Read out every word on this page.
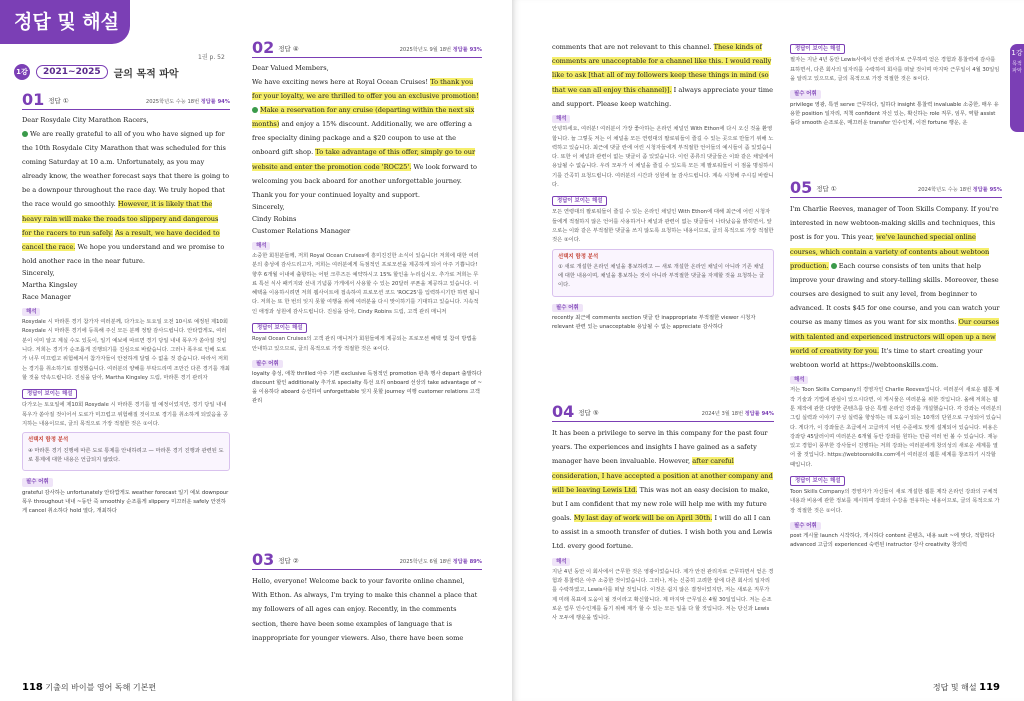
정답 및 해설
1권 p. 52
1강	2021~2025	글의 목적 파악
01 정답 ①	2025학년도 수능 18번 정답률 94%

Dear Rosydale City Marathon Racers,

We are really grateful to all of you who have signed up for the 10th Rosydale City Marathon that was scheduled for this coming Saturday at 10 a.m. Unfortunately, as you may already know, the weather forecast says that there is going to be a downpour throughout the race day. We truly hoped that the race would go smoothly. However, it is likely that the heavy rain will make the roads too slippery and dangerous for the racers to run safely. As a result, we have decided to cancel the race. We hope you understand and we promise to hold another race in the near future.

Sincerely,

Martha Kingsley

Race Manager

해석

Rosydale 시 마라톤 경기 참가자 여러분께, 다가오는 토요일 오전 10시로 예정된 제10회 Rosydale 시 마라톤 경기에 등록해 주신 모든 분께 정말 감사드립니다. 안타깝게도, 여러분이 이미 알고 계실 수도 있듯이, 일기 예보에 따르면 경기 당일 내내 폭우가 쏟아질 것입니다. 저희는 경기가 순조롭게 진행되기를 진심으로 바랐습니다. 그러나 폭우로 인해 도로가 너무 미끄럽고 위험해져서 참가자들이 안전하게 달릴 수 없을 것 같습니다. 따라서 저희는 경기를 취소하기로 결정했습니다. 여러분의 양해를 부탁드리며 조만간 다른 경기를 개최할 것을 약속드립니다. 진심을 담아, Martha Kingsley 드림, 마라톤 경기 관리자

정답이 보이는 해설

다가오는 토요일에 제10회 Rosydale 시 마라톤 경기를 열 예정이었지만, 경기 당일 내내 폭우가 쏟아질 것이어서 도로가 미끄럽고 위험해질 것이므로 경기를 취소하게 되었음을 공지하는 내용이므로, 글의 목적으로 가장 적절한 것은 ①이다.

선택지 함정 분석
④ 마라톤 경기 진행에 따른 도로 통제를 안내하려고 — 마라톤 경기 진행과 관련된 도로 통제에 대한 내용은 언급되지 않았다.
필수 어휘

grateful 감사하는 unfortunately 안타깝게도 weather forecast 일기 예보 downpour 폭우 throughout 내내 ~동안 죽 smoothly 순조롭게 slippery 미끄러운 safely 안전하게 cancel 취소하다 hold 열다, 개최하다

02 정답 ④	2025학년도 9월 18번 정답률 93%

Dear Valued Members,

We have exciting news here at Royal Ocean Cruises! To thank you for your loyalty, we are thrilled to offer you an exclusive promotion! Make a reservation for any cruise (departing within the next six months) and enjoy a 15% discount. Additionally, we are offering a free specialty dining package and a $20 coupon to use at the onboard gift shop. To take advantage of this offer, simply go to our website and enter the promotion code 'ROC25'. We look forward to welcoming you back aboard for another unforgettable journey. Thank you for your continued loyalty and support.

Sincerely,

Cindy Robins

Customer Relations Manager

해석

소중한 회원분들께, 저희 Royal Ocean Cruises에 흥미진진한 소식이 있습니다! 저희에 대한 여러분의 충성에 감사드리고자, 저희는 여러분에게 독점적인 프로모션을 제공하게 되어 아주 기쁩니다! 향후 6개월 이내에 출항하는 어떤 크루즈든 예약하시고 15% 할인을 누리십시오. 추가로 저희는 무료 특선 식사 패키지와 선내 기념품 가게에서 사용할 수 있는 20달러 쿠폰을 제공하고 있습니다. 이 혜택을 이용하시려면 저희 웹사이트에 접속하여 프로모션 코드 'ROC25'를 입력하시기만 하면 됩니다. 저희는 또 한 번의 잊지 못할 여행을 위해 여러분을 다시 맞이하기를 기대하고 있습니다. 지속적인 애정과 성원에 감사드립니다. 진심을 담아, Cindy Robins 드림, 고객 관리 매니저

정답이 보이는 해설

Royal Ocean Cruises의 고객 관리 매니저가 회원들에게 제공되는 프로모션 혜택 및 참여 방법을 안내하고 있으므로, 글의 목적으로 가장 적절한 것은 ④이다.

필수 어휘

loyalty 충성, 애착 thrilled 아주 기쁜 exclusive 독점적인 promotion 판촉 행사 depart 출발하다 discount 할인 additionally 추가로 specialty 특선 요리 onboard 선상의 take advantage of ~을 이용하다 aboard 승선하여 unforgettable 잊지 못할 journey 여행 customer relations 고객 관리

03 정답 ②	2025학년도 6월 18번 정답률 89%

Hello, everyone! Welcome back to your favorite online channel, With Ethon. As always, I'm trying to make this channel a place that my followers of all ages can enjoy. Recently, in the comments section, there have been some examples of language that is inappropriate for younger viewers. Also, there have been some

118 기출의 바이블 영어 독해 기본편
1강
목적 파악

comments that are not relevant to this channel. These kinds of comments are unacceptable for a channel like this. I would really like to ask [that all of my followers keep these things in mind (so that we can all enjoy this channel)]. I always appreciate your time and support. Please keep watching.

해석

안녕하세요, 여러분! 여러분이 가장 좋아하는 온라인 채널인 With Ethon에 다시 오신 것을 환영합니다. 늘 그렇듯 저는 이 채널을 모든 연령대의 팔로워들이 즐길 수 있는 곳으로 만들기 위해 노력하고 있습니다. 최근에 댓글 란에 어린 시청자들에게 부적절한 언어들의 예시들이 좀 있었습니다. 또한 이 채널과 관련이 없는 댓글이 좀 있었습니다. 이런 종류의 댓글들은 이와 같은 채널에서 용납될 수 없습니다. 우리 모두가 이 채널을 즐길 수 있도록 모든 제 팔로워들이 이 점을 명심하시기를 간곡히 요청드립니다. 여러분의 시간과 성원에 늘 감사드립니다. 계속 시청해 주시길 바랍니다.

정답이 보이는 해설

모든 연령대의 팔로워들이 즐길 수 있는 온라인 채널인 With Ethon에 대해 최근에 어린 시청자들에게 적절하지 않은 언어를 사용하거나 채널과 관련이 없는 댓글들이 나타났음을 밝히면서, 앞으로는 이와 같은 부적절한 댓글을 쓰지 않도록 요청하는 내용이므로, 글의 목적으로 가장 적절한 것은 ②이다.

선택지 함정 분석
① 새로 개설한 온라인 채널을 홍보하려고 — 새로 개설한 온라인 채널이 아니라 기존 채널에 대한 내용이며, 채널을 홍보하는 것이 아니라 부적절한 댓글을 자제할 것을 요청하는 글이다.
필수 어휘

recently 최근에 comments section 댓글 란 inappropriate 부적절한 viewer 시청자 relevant 관련 있는 unacceptable 용납될 수 없는 appreciate 감사하다

04 정답 ⑤	2024년 3월 18번 정답률 94%

It has been a privilege to serve in this company for the past four years. The experiences and insights I have gained as a safety manager have been invaluable. However, after careful consideration, I have accepted a position at another company and will be leaving Lewis Ltd. This was not an easy decision to make, but I am confident that my new role will help me with my future goals. My last day of work will be on April 30th. I will do all I can to assist in a smooth transfer of duties. I wish both you and Lewis Ltd. every good fortune.

해석

지난 4년 동안 이 회사에서 근무한 것은 영광이었습니다. 제가 안전 관리자로 근무하면서 얻은 경험과 통찰력은 아주 소중한 것이었습니다. 그러나, 저는 신중히 고려한 끝에 다른 회사의 일자리를 수락하였고, Lewis사를 떠날 것입니다. 이것은 쉽지 않은 결정이었지만, 저는 새로운 직무가 제 미래 목표에 도움이 될 것이라고 확신합니다. 제 마지막 근무일은 4월 30일입니다. 저는 순조로운 업무 인수인계를 돕기 위해 제가 할 수 있는 모든 일을 다 할 것입니다. 저는 당신과 Lewis사 모두에 행운을 빕니다.

정답이 보이는 해설

필자는 지난 4년 동안 Lewis사에서 안전 관리자로 근무하며 얻은 경험과 통찰력에 감사를 표하면서, 다른 회사의 일자리를 수락하여 회사를 떠날 것이며 마지막 근무일이 4월 30일임을 알리고 있으므로, 글의 목적으로 가장 적절한 것은 ⑤이다.

필수 어휘

privilege 영광, 특권 serve 근무하다, 일하다 insight 통찰력 invaluable 소중한, 매우 유용한 position 일자리, 직책 confident 자신 있는, 확신하는 role 직무, 임무, 역할 assist 돕다 smooth 순조로운, 매끄러운 transfer 인수인계, 이전 fortune 행운, 운

05 정답 ①	2024학년도 수능 18번 정답률 95%

I'm Charlie Reeves, manager of Toon Skills Company. If you're interested in new webtoon-making skills and techniques, this post is for you. This year, we've launched special online courses, which contain a variety of contents about webtoon production. Each course consists of ten units that help improve your drawing and story-telling skills. Moreover, these courses are designed to suit any level, from beginner to advanced. It costs $45 for one course, and you can watch your course as many times as you want for six months. Our courses with talented and experienced instructors will open up a new world of creativity for you. It's time to start creating your webtoon world at https://webtoonskills.com.

해석

저는 Toon Skills Company의 경영자인 Charlie Reeves입니다. 여러분이 새로운 웹툰 제작 기술과 기법에 관심이 있으시다면, 이 게시물은 여러분을 위한 것입니다. 올해 저희는 웹툰 제작에 관한 다양한 콘텐츠를 담은 특별 온라인 강좌를 개설했습니다. 각 강좌는 여러분의 그림 실력과 이야기 구성 실력을 향상하는 데 도움이 되는 10개의 단원으로 구성되어 있습니다. 게다가, 이 강좌들은 초급에서 고급까지 어떤 수준에도 맞게 설계되어 있습니다. 비용은 강좌당 45달러이며 여러분은 6개월 동안 강좌를 원하는 만큼 여러 번 볼 수 있습니다. 재능 있고 경험이 풍부한 강사들이 진행하는 저희 강좌는 여러분에게 창의성의 새로운 세계를 열어 줄 것입니다. https://webtoonskills.com에서 여러분의 웹툰 세계를 창조하기 시작할 때입니다.

정답이 보이는 해설

Toon Skills Company의 경영자가 자신들이 새로 개설한 웹툰 제작 온라인 강좌의 구체적 내용과 비용에 관한 정보를 제시하며 강좌의 수강을 권유하는 내용이므로, 글의 목적으로 가장 적절한 것은 ①이다.

필수 어휘

post 게시물 launch 시작하다, 개시하다 content 콘텐츠, 내용 suit ~에 맞다, 적합하다 advanced 고급의 experienced 숙련된 instructor 강사 creativity 창의력

정답 및 해설 119
